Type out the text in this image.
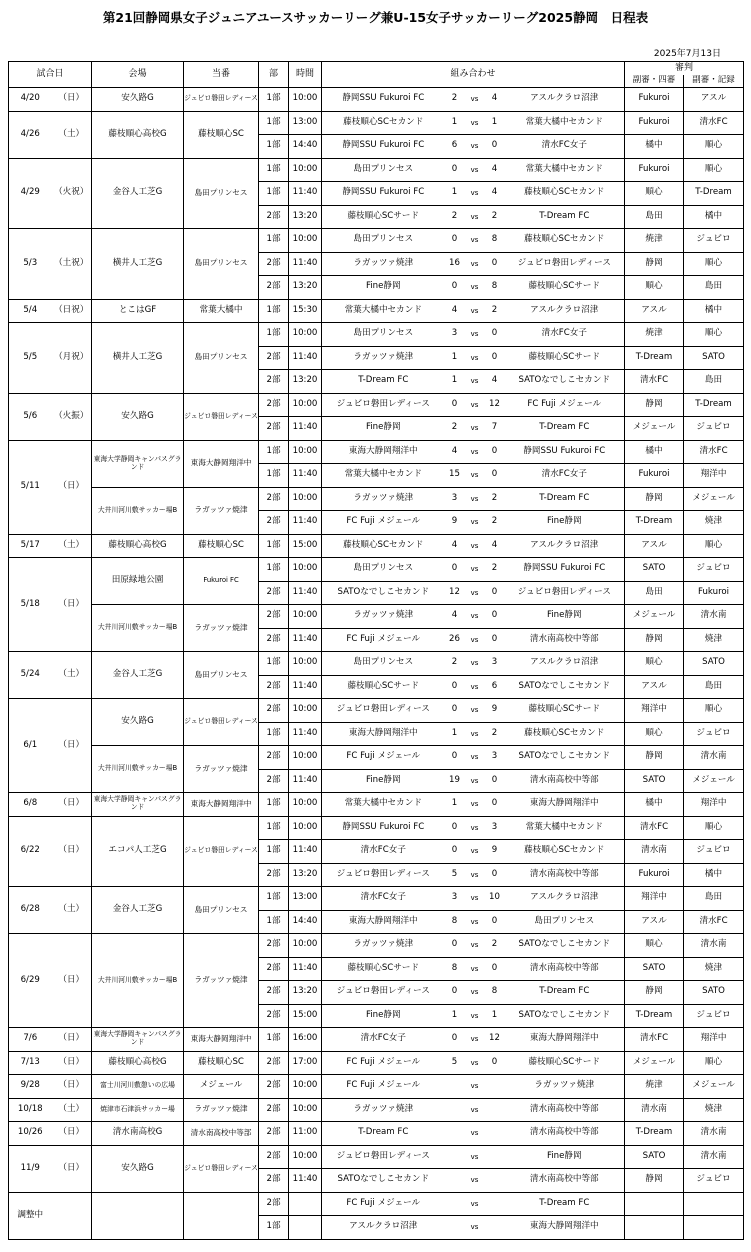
第21回静岡県女子ジュニアユースサッカーリーグ兼U-15女子サッカーリーグ2025静岡　日程表
2025年7月13日
試合日		会場	当番	部	時間	組み合わせ					審判	
											副審・四審	副審・記録
4/20	（日）	安久路G	ジュビロ磐田レディース	1部	10:00	静岡SSU Fukuroi FC	2	vs	4	アスルクラロ沼津	Fukuroi	アスル
4/26	（土）	藤枝順心高校G	藤枝順心SC	1部	13:00	藤枝順心SCセカンド	1	vs	1	常葉大橘中セカンド	Fukuroi	清水FC
				1部	14:40	静岡SSU Fukuroi FC	6	vs	0	清水FC女子	橘中	順心
4/29	（火祝）	金谷人工芝G	島田プリンセス	1部	10:00	島田プリンセス	0	vs	4	常葉大橘中セカンド	Fukuroi	順心
				1部	11:40	静岡SSU Fukuroi FC	1	vs	4	藤枝順心SCセカンド	順心	T-Dream
				2部	13:20	藤枝順心SCサード	2	vs	2	T-Dream FC	島田	橘中
5/3	（土祝）	横井人工芝G	島田プリンセス	1部	10:00	島田プリンセス	0	vs	8	藤枝順心SCセカンド	焼津	ジュビロ
				2部	11:40	ラガッツァ焼津	16	vs	0	ジュビロ磐田レディース	静岡	順心
				2部	13:20	Fine静岡	0	vs	8	藤枝順心SCサード	順心	島田
5/4	（日祝）	とこはGF	常葉大橘中	1部	15:30	常葉大橘中セカンド	4	vs	2	アスルクラロ沼津	アスル	橘中
5/5	（月祝）	横井人工芝G	島田プリンセス	1部	10:00	島田プリンセス	3	vs	0	清水FC女子	焼津	順心
				2部	11:40	ラガッツァ焼津	1	vs	0	藤枝順心SCサード	T-Dream	SATO
				2部	13:20	T-Dream FC	1	vs	4	SATOなでしこセカンド	清水FC	島田
5/6	（火振）	安久路G	ジュビロ磐田レディース	2部	10:00	ジュビロ磐田レディース	0	vs	12	FC Fuji メジェール	静岡	T-Dream
				2部	11:40	Fine静岡	2	vs	7	T-Dream FC	メジェール	ジュビロ
5/11	（日）	東海大学静岡キャンパスグランド	東海大静岡翔洋中	1部	10:00	東海大静岡翔洋中	4	vs	0	静岡SSU Fukuroi FC	橘中	清水FC
				1部	11:40	常葉大橘中セカンド	15	vs	0	清水FC女子	Fukuroi	翔洋中
		大井川河川敷サッカー場B	ラガッツァ焼津	2部	10:00	ラガッツァ焼津	3	vs	2	T-Dream FC	静岡	メジェール
				2部	11:40	FC Fuji メジェール	9	vs	2	Fine静岡	T-Dream	焼津
5/17	（土）	藤枝順心高校G	藤枝順心SC	1部	15:00	藤枝順心SCセカンド	4	vs	4	アスルクラロ沼津	アスル	順心
5/18	（日）	田原緑地公園	Fukuroi FC	1部	10:00	島田プリンセス	0	vs	2	静岡SSU Fukuroi FC	SATO	ジュビロ
				2部	11:40	SATOなでしこセカンド	12	vs	0	ジュビロ磐田レディース	島田	Fukuroi
		大井川河川敷サッカー場B	ラガッツァ焼津	2部	10:00	ラガッツァ焼津	4	vs	0	Fine静岡	メジェール	清水南
				2部	11:40	FC Fuji メジェール	26	vs	0	清水南高校中等部	静岡	焼津
5/24	（土）	金谷人工芝G	島田プリンセス	1部	10:00	島田プリンセス	2	vs	3	アスルクラロ沼津	順心	SATO
				2部	11:40	藤枝順心SCサード	0	vs	6	SATOなでしこセカンド	アスル	島田
6/1	（日）	安久路G	ジュビロ磐田レディース	2部	10:00	ジュビロ磐田レディース	0	vs	9	藤枝順心SCサード	翔洋中	順心
				1部	11:40	東海大静岡翔洋中	1	vs	2	藤枝順心SCセカンド	順心	ジュビロ
		大井川河川敷サッカー場B	ラガッツァ焼津	2部	10:00	FC Fuji メジェール	0	vs	3	SATOなでしこセカンド	静岡	清水南
				2部	11:40	Fine静岡	19	vs	0	清水南高校中等部	SATO	メジェール
6/8	（日）	東海大学静岡キャンパスグランド	東海大静岡翔洋中	1部	10:00	常葉大橘中セカンド	1	vs	0	東海大静岡翔洋中	橘中	翔洋中
6/22	（日）	エコパ人工芝G	ジュビロ磐田レディース	1部	10:00	静岡SSU Fukuroi FC	0	vs	3	常葉大橘中セカンド	清水FC	順心
				1部	11:40	清水FC女子	0	vs	9	藤枝順心SCセカンド	清水南	ジュビロ
				2部	13:20	ジュビロ磐田レディース	5	vs	0	清水南高校中等部	Fukuroi	橘中
6/28	（土）	金谷人工芝G	島田プリンセス	1部	13:00	清水FC女子	3	vs	10	アスルクラロ沼津	翔洋中	島田
				1部	14:40	東海大静岡翔洋中	8	vs	0	島田プリンセス	アスル	清水FC
6/29	（日）	大井川河川敷サッカー場B	ラガッツァ焼津	2部	10:00	ラガッツァ焼津	0	vs	2	SATOなでしこセカンド	順心	清水南
				2部	11:40	藤枝順心SCサード	8	vs	0	清水南高校中等部	SATO	焼津
				2部	13:20	ジュビロ磐田レディース	0	vs	8	T-Dream FC	静岡	SATO
				2部	15:00	Fine静岡	1	vs	1	SATOなでしこセカンド	T-Dream	ジュビロ
7/6	（日）	東海大学静岡キャンパスグランド	東海大静岡翔洋中	1部	16:00	清水FC女子	0	vs	12	東海大静岡翔洋中	清水FC	翔洋中
7/13	（日）	藤枝順心高校G	藤枝順心SC	2部	17:00	FC Fuji メジェール	5	vs	0	藤枝順心SCサード	メジェール	順心
9/28	（日）	富士川河川敷憩いの広場	メジェール	2部	10:00	FC Fuji メジェール		vs		ラガッツァ焼津	焼津	メジェール
10/18	（土）	焼津市石津浜サッカー場	ラガッツァ焼津	2部	10:00	ラガッツァ焼津		vs		清水南高校中等部	清水南	焼津
10/26	（日）	清水南高校G	清水南高校中等部	2部	11:00	T-Dream FC		vs		清水南高校中等部	T-Dream	清水南
11/9	（日）	安久路G	ジュビロ磐田レディース	2部	10:00	ジュビロ磐田レディース		vs		Fine静岡	SATO	清水南
				2部	11:40	SATOなでしこセカンド		vs		清水南高校中等部	静岡	ジュビロ
調整中				2部		FC Fuji メジェール		vs		T-Dream FC		
				1部		アスルクラロ沼津		vs		東海大静岡翔洋中		
